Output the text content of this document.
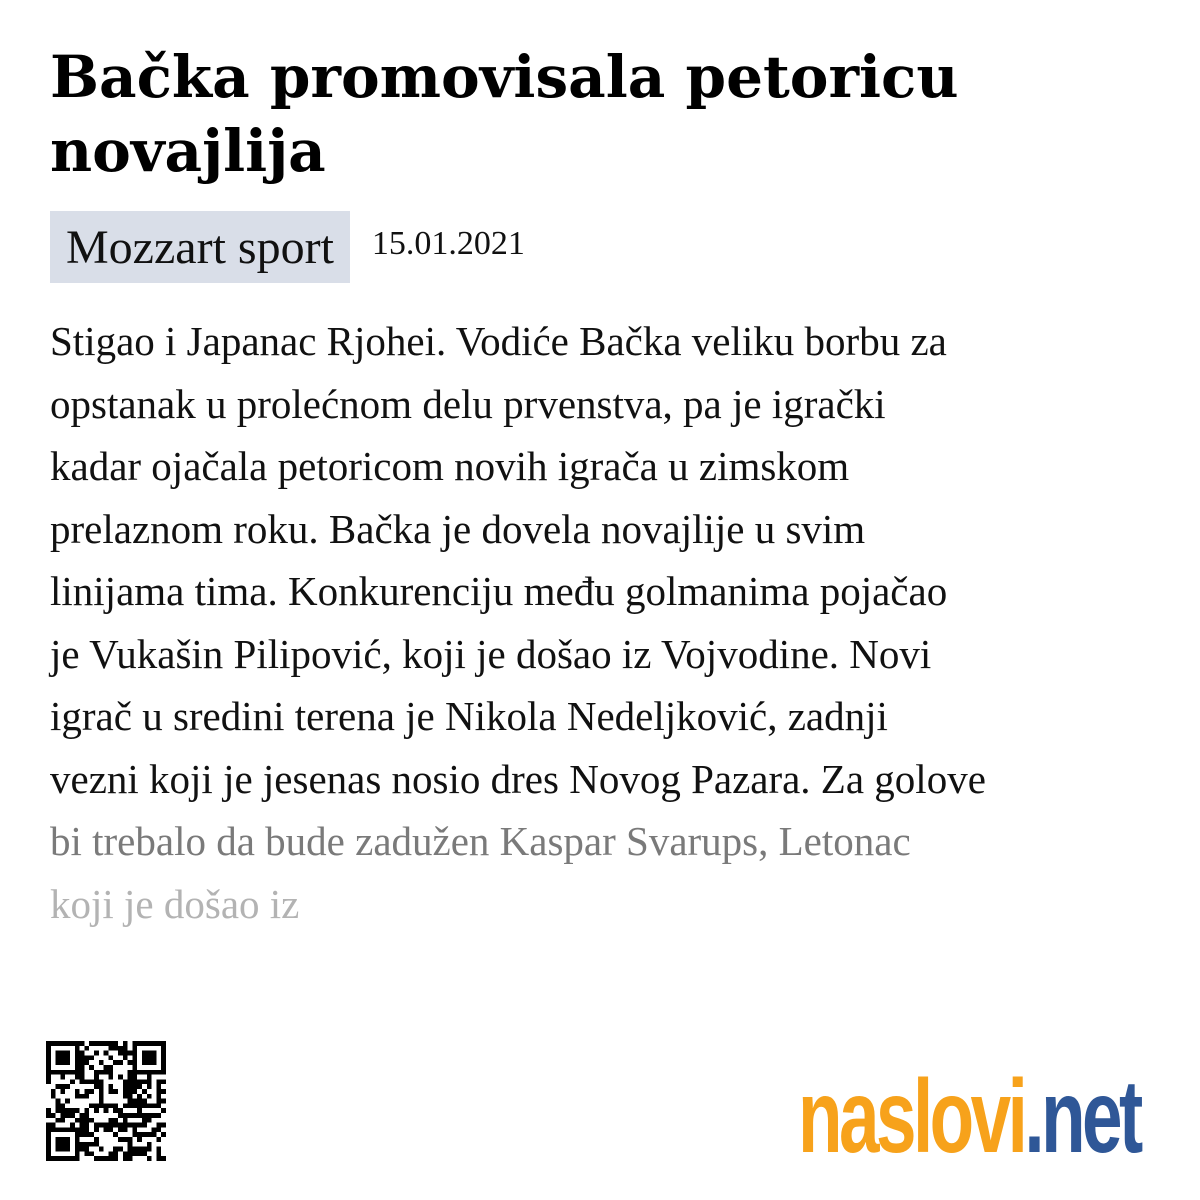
Bačka promovisala petoricu novajlija
Mozzart sport	15.01.2021
Stigao i Japanac Rjohei. Vodiće Bačka veliku borbu za
opstanak u prolećnom delu prvenstva, pa je igrački
kadar ojačala petoricom novih igrača u zimskom
prelaznom roku. Bačka je dovela novajlije u svim
linijama tima. Konkurenciju među golmanima pojačao
je Vukašin Pilipović, koji je došao iz Vojvodine. Novi
igrač u sredini terena je Nikola Nedeljković, zadnji
vezni koji je jesenas nosio dres Novog Pazara. Za golove
bi trebalo da bude zadužen Kaspar Svarups, Letonac
koji je došao iz
naslovi.net
